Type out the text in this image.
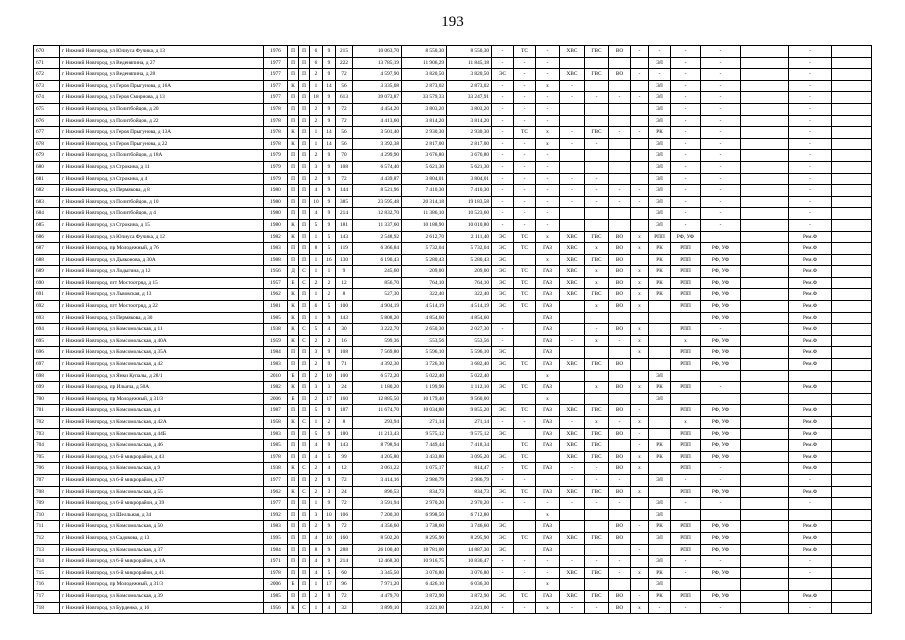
193
670	г Нижний Новгород, ул Юлиуса Фучика, д 13	1976	П	П	6	9	215	10 063,70	8 550,30	8 550,30	-	ТС	-	ХВС	ГВС	ВО	-	-	-	-		-	
671	г Нижний Новгород, ул Веденяпина, д 27	1977	П	П	6	9	222	13 785,19	11 906,29	11 845,18	-	-	-					ЭЛ	-	-		-	
672	г Нижний Новгород, ул Веденяпина, д 28	1977	П	П	2	9	72	4 597,90	3 820,50	3 820,50	ЭС	-	-	ХВС	ГВС	ВО	-	-	-	-		-	
673	г Нижний Новгород, ул Героя Прыгунова, д 16А	1977	К	П	1	14	56	3 335,08	2 873,02	2 873,02	-	-	х	-				ЭЛ	-	-		-	
674	г Нижний Новгород, ул Героя Смирнова, д 13	1977	П	П	18	9	613	39 073,87	33 579,33	33 247,91	-	-	-	-	-	-	-	ЭЛ	-	-		-	
675	г Нижний Новгород, ул Политбойцов, д 20	1978	П	П	2	9	72	4 454,20	3 803,20	3 803,20	-	-	-					ЭЛ	-	-		-	
676	г Нижний Новгород, ул Политбойцов, д 22	1978	П	П	2	9	72	4 413,60	3 814,20	3 814,20	-	-	-					ЭЛ	-	-		-	
677	г Нижний Новгород, ул Героя Прыгунова, д 13А	1978	К	П	1	14	56	3 501,40	2 930,30	2 930,30	-	ТС	х	-	ГВС	-	-	РК	-	-		-	
678	г Нижний Новгород, ул Героя Прыгунова, д 22	1978	К	П	1	14	56	3 392,38	2 817,00	2 817,00	-	-	х	-	-			ЭЛ	-	-		-	
679	г Нижний Новгород, ул Политбойцов, д 18А	1979	П	П	2	9	70	4 299,90	3 676,80	3 676,80	-	-	-					ЭЛ	-	-		-	
680	г Нижний Новгород, ул Строкина, д 11	1979	П	П	3	9	108	6 574,40	5 621,30	5 621,30	-	-	-					ЭЛ	-	-		-	
681	г Нижний Новгород, ул Строкина, д 4	1979	П	П	2	9	72	4 439,87	3 804,01	3 804,01	-	-	-	-	-			ЭЛ	-	-		-	
682	г Нижний Новгород, ул Пермякова, д 8	1980	П	П	4	9	144	8 521,96	7 410,30	7 410,30	-	-	-	-	-	-	-	ЭЛ	-	-		-	
683	г Нижний Новгород, ул Политбойцов, д 10	1980	П	П	10	9	385	23 595,48	20 314,18	19 183,58	-	-	-	-	-	-	-	ЭЛ	-	-		-	
684	г Нижний Новгород, ул Политбойцов, д 4	1980	П	П	4	9	214	12 832,70	11 386,10	10 523,60	-	-	-					ЭЛ	-	-		-	
685	г Нижний Новгород, ул Строкина, д 15	1980	К	П	5	9	181	11 337,60	10 188,90	10 010,80	-	-	-					ЭЛ	-	-		-	
686	г Нижний Новгород, ул Юлиуса Фучика, д 12	1982	К	П	1	5	143	2 548,92	2 612,70	2 111,40	ЭС	ТС	х	ХВС	ГВС	ВО	х	РПП	РФ, УФ			Рем.Ф	
687	г Нижний Новгород, пр Молодежный, д 76	1983	П	П	8	5	119	6 366,84	5 732,04	5 732,04	ЭС	ТС	ГАЗ	ХВС	х	ВО	х	РК	РПП	РФ, УФ		Рем.Ф	
688	г Нижний Новгород, ул Дьяконова, д 30А	1988	П	П	1	16	130	6 190,43	5 280,43	5 280,43	ЭС		х	ХВС	ГВС	ВО		РК	РПП	РФ, УФ		Рем.Ф	
689	г Нижний Новгород, ул Лодыгина, д 12	1956	Д	С	1	1	9	245,60	209,00	209,00	ЭС	ТС	ГАЗ	ХВС	х	ВО	х	РК	РПП	РФ, УФ		Рем.Ф	
690	г Нижний Новгород, пгт Мостоотряд, д 15	1957	Б	С	2	2	12	856,70	764,10	764,10	ЭС	ТС	ГАЗ	ХВС	х	ВО	х	РК	РПП	РФ, УФ		Рем.Ф	
691	г Нижний Новгород, ул Львовская, д 13	1962	К	П	1	2	8	527,30	322,40	322,40	ЭС	ТС	ГАЗ	ХВС	ГВС	ВО	х	РК	РПП	РФ, УФ		Рем.Ф	
692	г Нижний Новгород, пгт Мостоотряд, д 22	1981	К	П	6	5	100	4 904,19	4 514,19	4 514,19	ЭС	ТС	ГАЗ		х	ВО	х		РПП	РФ, УФ		Рем.Ф	
693	г Нижний Новгород, ул Пермякова, д 30	1985	К	П	1	9	143	5 808,20	4 854,60	4 854,60			ГАЗ							РФ, УФ		Рем.Ф	
694	г Нижний Новгород, ул Комсомольская, д 11	1938	К	С	5	4	30	3 222,70	2 650,30	2 027,30	-		ГАЗ		-	ВО	х		РПП	-		Рем.Ф	
695	г Нижний Новгород, ул Комсомольская, д 40А	1959	К	С	2	2	16	599,36	553,56	553,56	-		ГАЗ	-	х	-	х		х	РФ, УФ		Рем.Ф	
696	г Нижний Новгород, ул Комсомольская, д 35А	1984	П	П	3	9	108	7 569,80	5 596,10	5 596,10	ЭС		ГАЗ				х		РПП	РФ, УФ		Рем.Ф	
697	г Нижний Новгород, ул Комсомольская, д 42	1983	П	П	2	9	71	4 392,30	3 726,30	3 682,40	ЭС	ТС	ГАЗ	ХВС	ГВС	ВО			РПП	РФ, УФ		Рем.Ф	
698	г Нижний Новгород, ул Янки Купалы, д 28/1	2010	Б	П	2	10	100	6 572,20	5 022,40	5 022,40			х					ЭЛ					
699	г Нижний Новгород, пр Ильича, д 50А	1982	К	П	3	3	24	1 180,20	1 199,90	1 112,10	ЭС	ТС	ГАЗ		х	ВО	х	РК	РПП	-		Рем.Ф	
700	г Нижний Новгород, пр Молодежный, д 31/3	2006	Б	П	2	17	160	12 885,50	10 179,40	9 560,00			х					ЭЛ					
701	г Нижний Новгород, ул Комсомольская, д 4	1987	П	П	5	9	187	11 674,70	10 034,80	9 855,20	ЭС	ТС	ГАЗ	ХВС	ГВС	ВО	-		РПП	РФ, УФ		Рем.Ф	
702	г Нижний Новгород, ул Комсомольская, д 42А	1958	К	С	1	2	8	293,94	271,14	271,14	-	-	ГАЗ	-	х	-	х		х	РФ, УФ		Рем.Ф	
703	г Нижний Новгород, ул Комсомольская, д 44Б	1983	П	П	5	9	180	11 213,43	9 575,12	9 575,12	ЭС		ГАЗ	ХВС	ГВС	ВО	-		РПП	РФ, УФ		Рем.Ф	
704	г Нижний Новгород, ул Комсомольская, д 46	1985	П	П	4	9	143	8 798,94	7 449,44	7 418,34		ТС	ГАЗ	ХВС	ГВС		-	РК	РПП	РФ, УФ		Рем.Ф	
705	г Нижний Новгород, ул 6-й микрорайон, д 43	1978	П	П	4	5	99	4 205,80	3 433,80	3 095,20	ЭС	ТС		ХВС	ГВС	ВО	х	РК	РПП	РФ, УФ		Рем.Ф	
706	г Нижний Новгород, ул Комсомольская, д 9	1938	К	С	2	4	12	3 061,22	1 075,17	814,47	-	ТС	ГАЗ	-	-	ВО	х		РПП	-		Рем.Ф	
707	г Нижний Новгород, ул 6-й микрорайон, д 37	1977	П	П	2	9	72	3 414,16	2 986,79	2 986,79	-	-		-	-	-		ЭЛ	-	-		-	
708	г Нижний Новгород, ул Комсомольская, д 55	1962	К	С	2	3	24	896,53	834,73	834,73	ЭС	ТС	ГАЗ	ХВС	ГВС	ВО	х		РПП	РФ, УФ		Рем.Ф	
709	г Нижний Новгород, ул 6-й микрорайон, д 39	1977	П	П	1	9	72	3 591,94	2 970,20	2 970,20	-	-	-	-	-	-		ЭЛ	-	-		-	
710	г Нижний Новгород, ул Шелльная, д 34	1992	П	П	3	10	106	7 200,30	6 998,50	6 712,80			х					ЭЛ					
711	г Нижний Новгород, ул Комсомольская, д 50	1983	П	П	2	9	72	4 356,60	3 738,60	3 746,60	ЭС		ГАЗ			ВО	-	РК	РПП	РФ, УФ		Рем.Ф	
712	г Нижний Новгород, ул Садовова, д 13	1995	П	П	4	10	160	8 502,20	8 295,90	8 295,90	ЭС	ТС	ГАЗ	ХВС	ГВС	ВО		ЭЛ	РПП	РФ, УФ		Рем.Ф	
713	г Нижний Новгород, ул Комсомольская, д 37	1984	П	П	8	9	288	26 100,40	18 781,00	14 887,30	ЭС		ГАЗ				-		РПП	РФ, УФ		Рем.Ф	
714	г Нижний Новгород, ул 6-й микрорайон, д 1А	1971	П	П	4	9	214	12 468,30	10 916,75	10 836,47	-	-	-	-	-	-		ЭЛ	-	-		-	
715	г Нижний Новгород, ул 6-й микрорайон, д 41	1978	П	П	4	5	60	3 345,50	3 076,80	3 076,80	-	-	-	ХВС	ГВС	-	х	РК	-	РФ, УФ		-	
716	г Нижний Новгород, пр Молодежный, д 31/3	2006	Б	П	1	17	96	7 971,20	6 426,10	6 036,30			х					ЭЛ					
717	г Нижний Новгород, ул Комсомольская, д 39	1985	П	П	2	9	72	4 479,70	3 872,90	3 872,90	ЭС	ТС	ГАЗ	ХВС	ГВС	ВО	-	РК	РПП	РФ, УФ		Рем.Ф	
718	г Нижний Новгород, ул Бурденко, д 16	1956	К	С	1	4	32	3 899,10	3 221,00	3 221,00	-	-	х	-	-	ВО	х	-	-	-		-	
